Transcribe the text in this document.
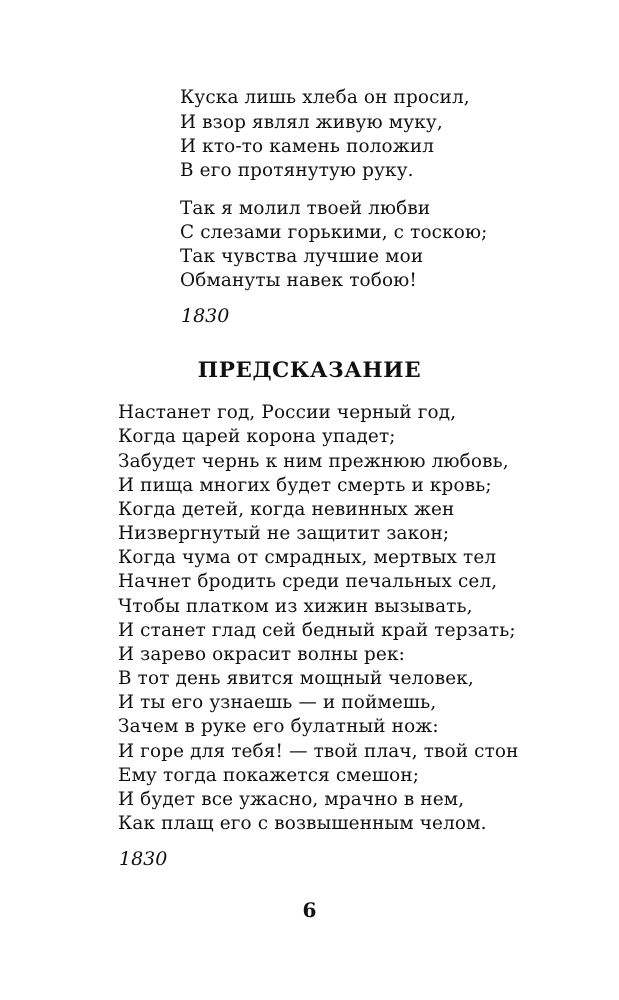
Куска лишь хлеба он просил,
И взор являл живую муку,
И кто-то камень положил
В его протянутую руку.
Так я молил твоей любви
С слезами горькими, с тоскою;
Так чувства лучшие мои
Обмануты навек тобою!
1830
ПРЕДСКАЗАНИЕ
Настанет год, России черный год,
Когда царей корона упадет;
Забудет чернь к ним прежнюю любовь,
И пища многих будет смерть и кровь;
Когда детей, когда невинных жен
Низвергнутый не защитит закон;
Когда чума от смрадных, мертвых тел
Начнет бродить среди печальных сел,
Чтобы платком из хижин вызывать,
И станет глад сей бедный край терзать;
И зарево окрасит волны рек:
В тот день явится мощный человек,
И ты его узнаешь — и поймешь,
Зачем в руке его булатный нож:
И горе для тебя! — твой плач, твой стон
Ему тогда покажется смешон;
И будет все ужасно, мрачно в нем,
Как плащ его с возвышенным челом.
1830
6
